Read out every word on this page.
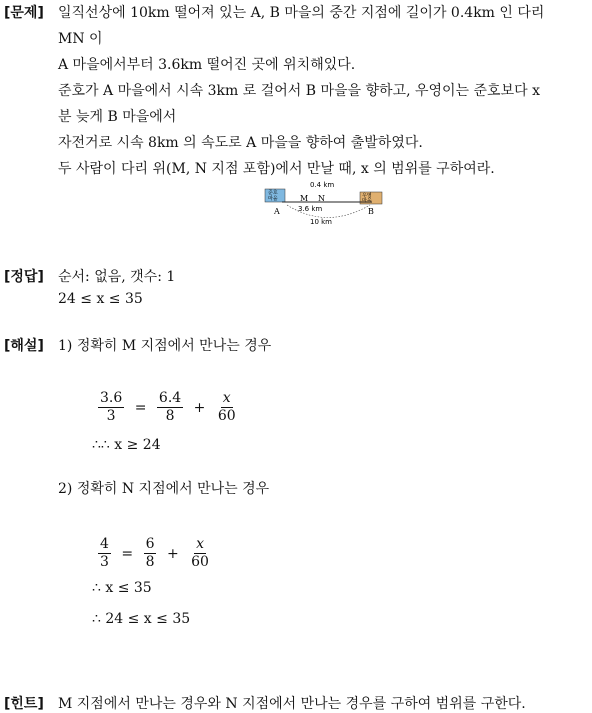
[문제] 일직선상에 10km 떨어져 있는 A, B 마을의 중간 지점에 길이가 0.4km 인 다리
MN 이
A 마을에서부터 3.6km 떨어진 곳에 위치해있다.
준호가 A 마을에서 시속 3km 로 걸어서 B 마을을 향하고, 우영이는 준호보다 x
분 늦게 B 마을에서
자전거로 시속 8km 의 속도로 A 마을을 향하여 출발하였다.
두 사람이 다리 위(M, N 지점 포함)에서 만날 때, x 의 범위를 구하여라.
0.4 km
준호
마을	우영
마을
M N
3.6 km
10 km
A	B
[정답] 순서: 없음, 갯수: 1
24 ≤ x ≤ 35
[해설] 1) 정확히 M 지점에서 만나는 경우
$\frac{3.6}{3} = \frac{6.4}{8} + \frac{x}{60}$
∴∴ x ≥ 24
2) 정확히 N 지점에서 만나는 경우
$\frac{4}{3} = \frac{6}{8} + \frac{x}{60}$
∴ x ≤ 35
∴ 24 ≤ x ≤ 35
[힌트] M 지점에서 만나는 경우와 N 지점에서 만나는 경우를 구하여 범위를 구한다.
